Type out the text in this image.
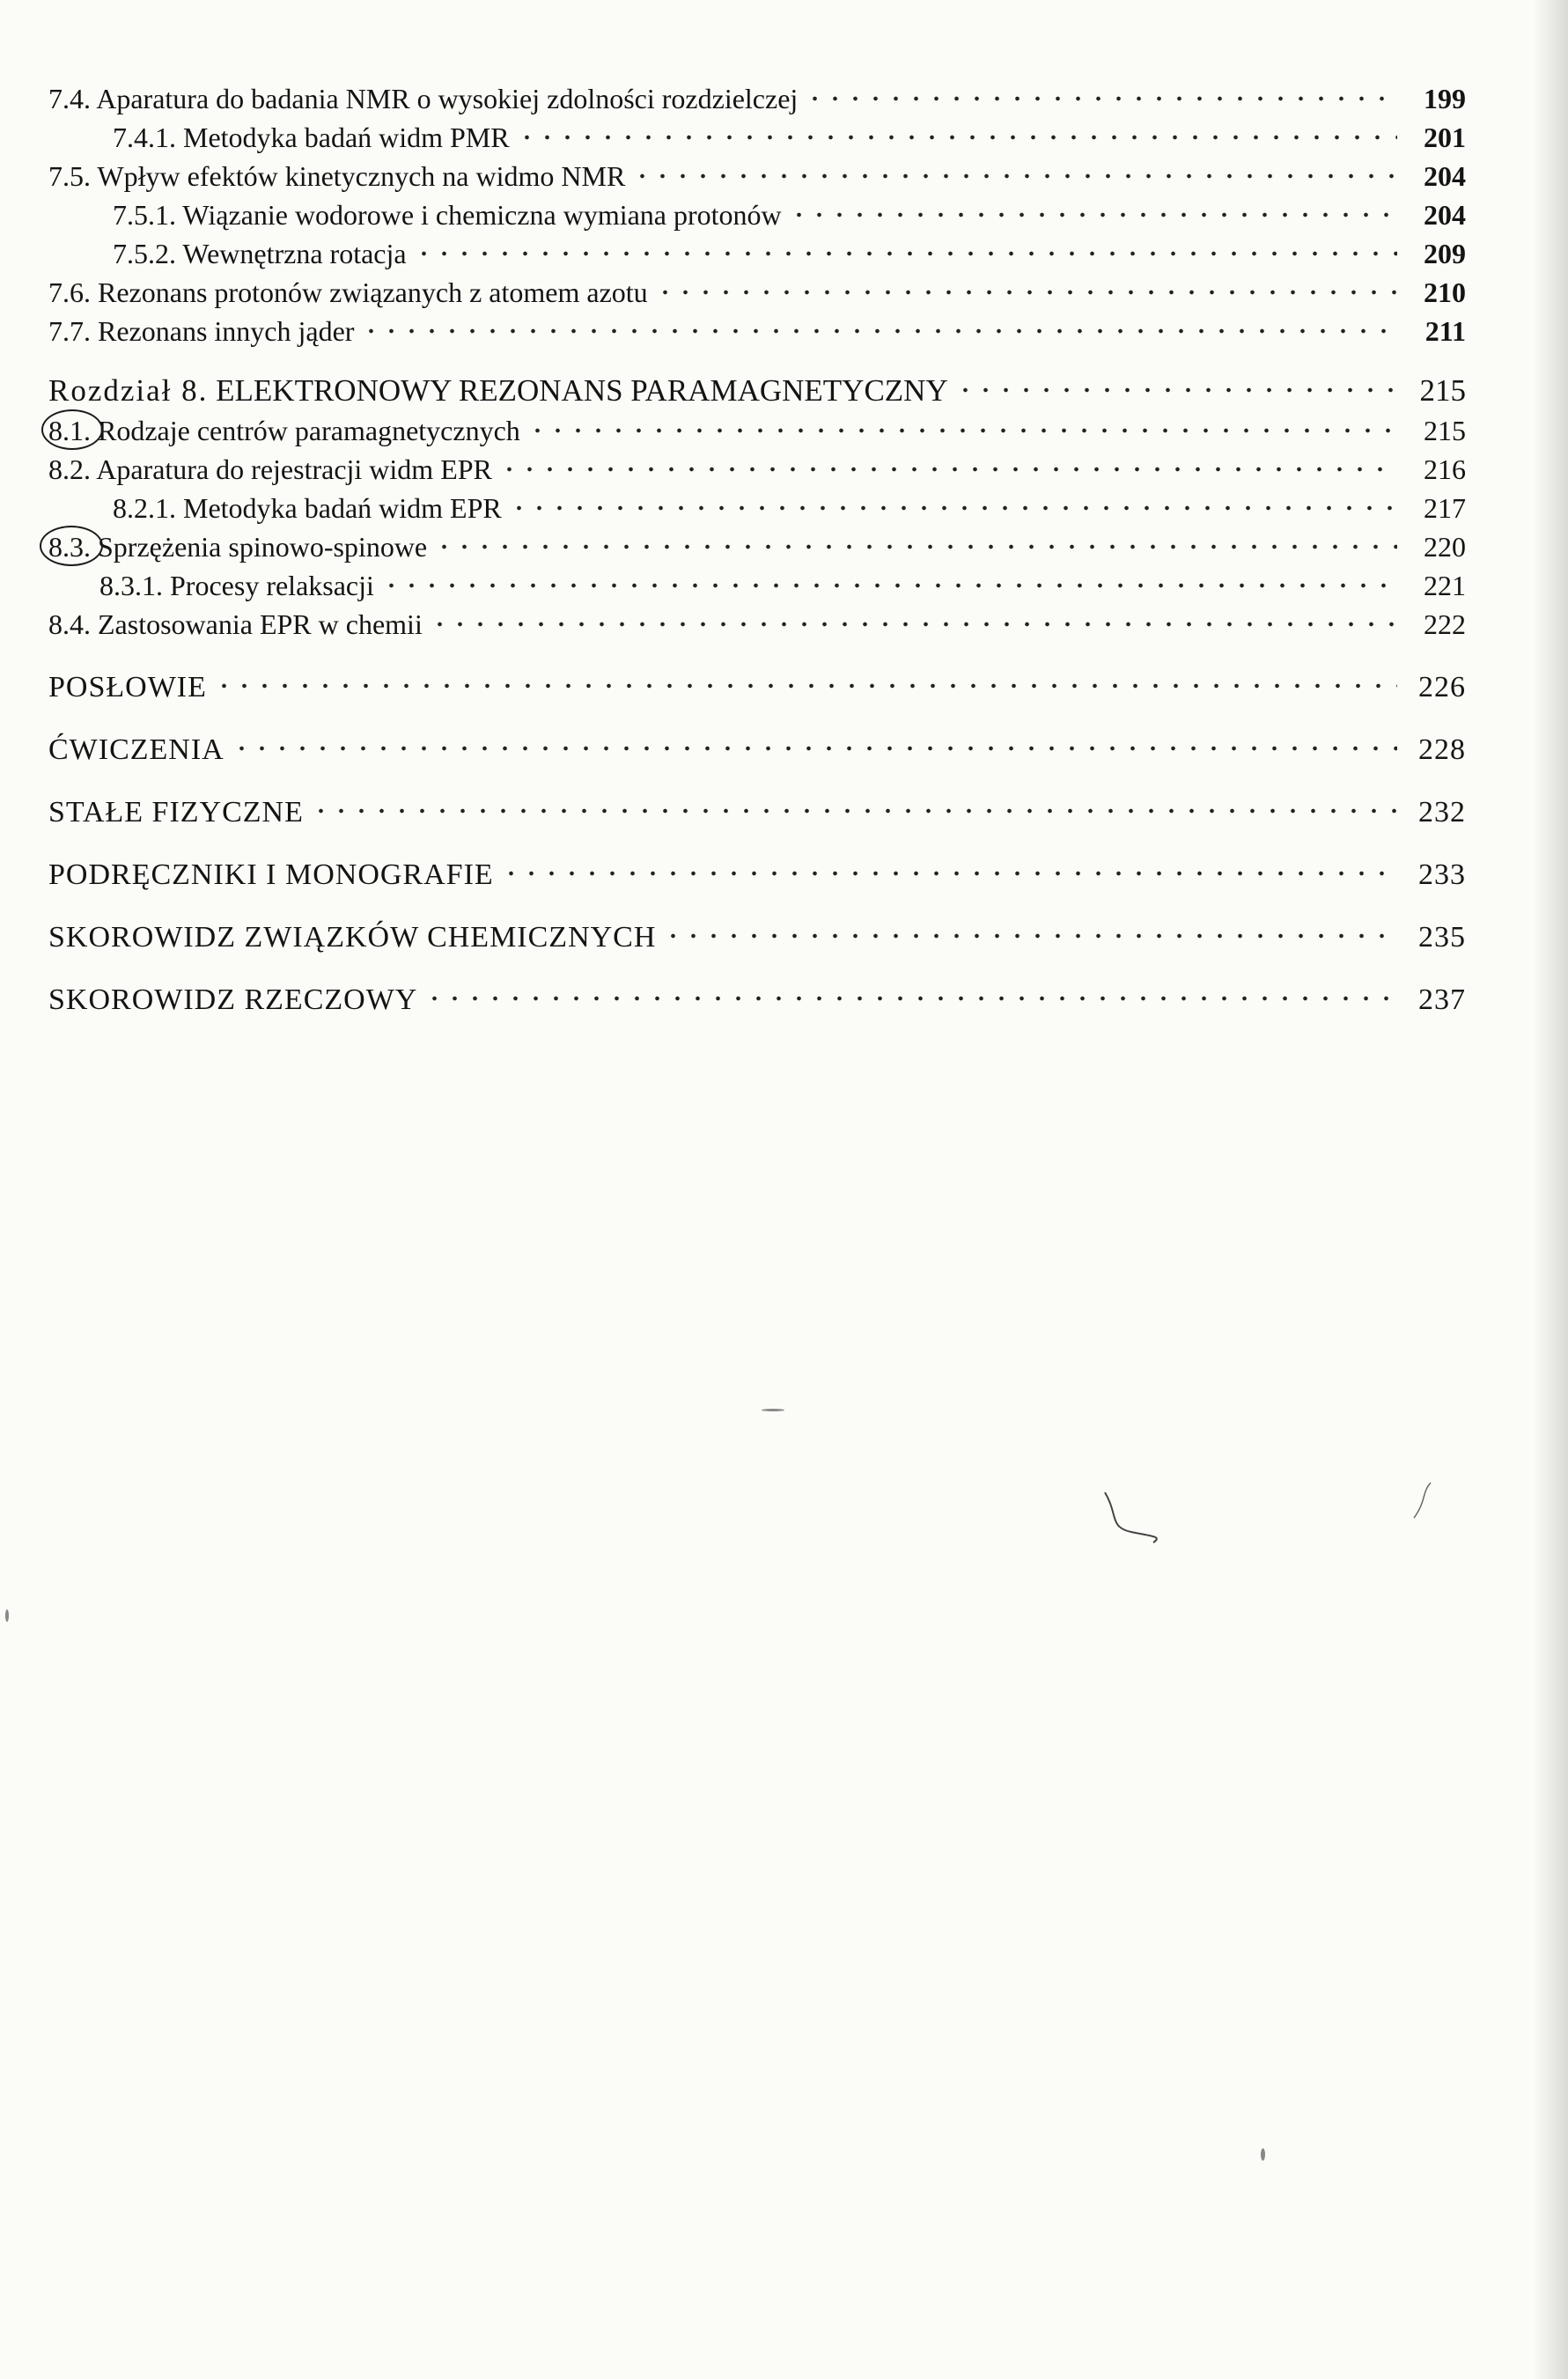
7.4. Aparatura do badania NMR o wysokiej zdolności rozdzielczej	199
7.4.1. Metodyka badań widm PMR	201
7.5. Wpływ efektów kinetycznych na widmo NMR	204
7.5.1. Wiązanie wodorowe i chemiczna wymiana protonów	204
7.5.2. Wewnętrzna rotacja	209
7.6. Rezonans protonów związanych z atomem azotu	210
7.7. Rezonans innych jąder	211
Rozdział 8. ELEKTRONOWY REZONANS PARAMAGNETYCZNY	215
8.1. Rodzaje centrów paramagnetycznych	215
8.2. Aparatura do rejestracji widm EPR	216
8.2.1. Metodyka badań widm EPR	217
8.3. Sprzężenia spinowo-spinowe	220
8.3.1. Procesy relaksacji	221
8.4. Zastosowania EPR w chemii	222
POSŁOWIE	226
ĆWICZENIA	228
STAŁE FIZYCZNE	232
PODRĘCZNIKI I MONOGRAFIE	233
SKOROWIDZ ZWIĄZKÓW CHEMICZNYCH	235
SKOROWIDZ RZECZOWY	237
